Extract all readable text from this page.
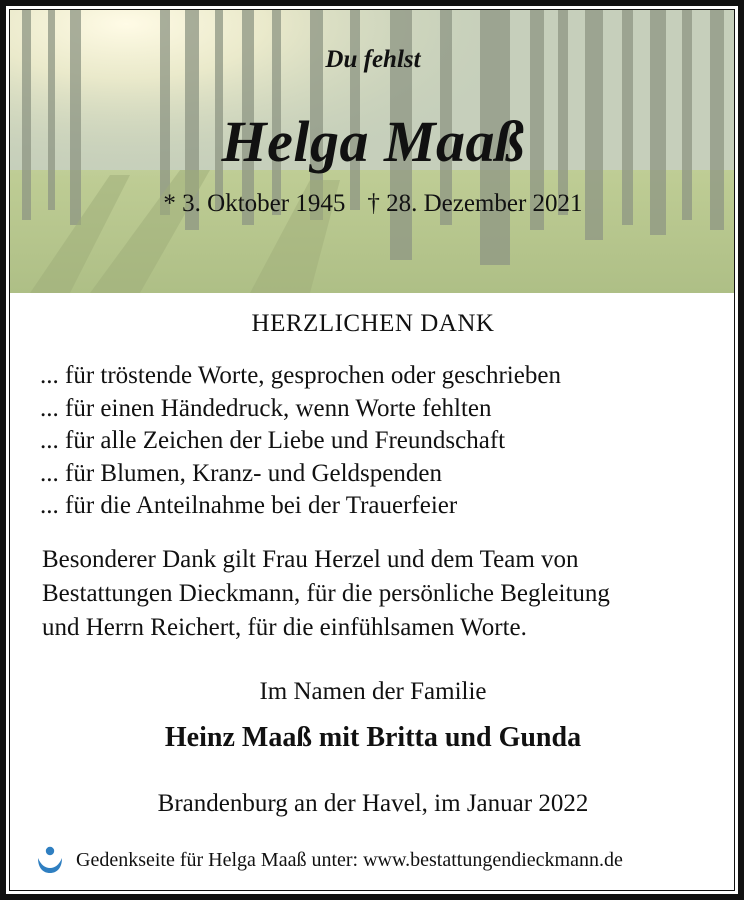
Du fehlst
Helga Maaß
* 3. Oktober 1945 † 28. Dezember 2021
HERZLICHEN DANK
... für tröstende Worte, gesprochen oder geschrieben
... für einen Händedruck, wenn Worte fehlten
... für alle Zeichen der Liebe und Freundschaft
... für Blumen, Kranz- und Geldspenden
... für die Anteilnahme bei der Trauerfeier
Besonderer Dank gilt Frau Herzel und dem Team von
Bestattungen Dieckmann, für die persönliche Begleitung
und Herrn Reichert, für die einfühlsamen Worte.
Im Namen der Familie
Heinz Maaß mit Britta und Gunda
Brandenburg an der Havel, im Januar 2022
Gedenkseite für Helga Maaß unter: www.bestattungendieckmann.de
